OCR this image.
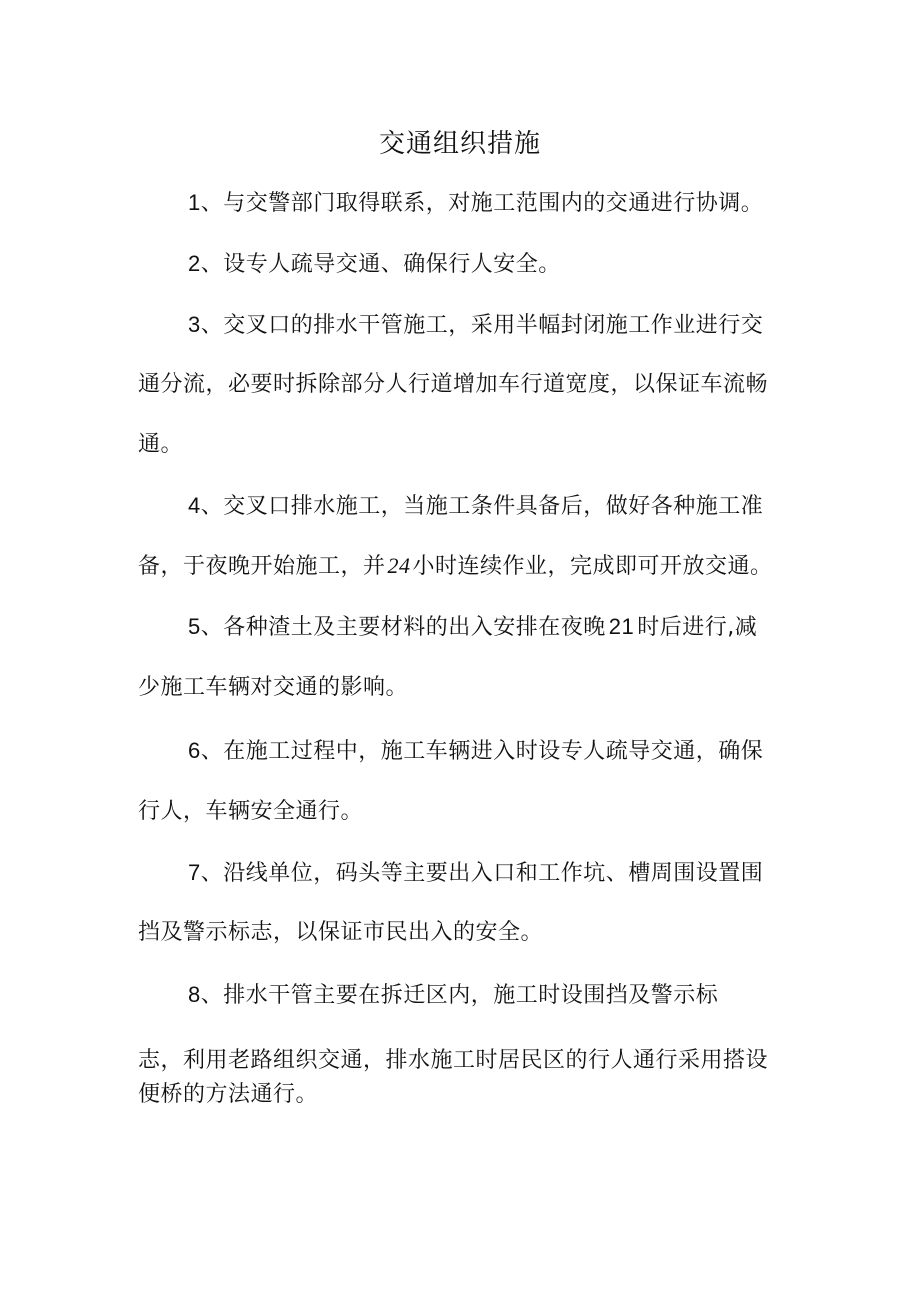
交通组织措施
1、与交警部门取得联系，对施工范围内的交通进行协调。
2、设专人疏导交通、确保行人安全。
3、交叉口的排水干管施工，采用半幅封闭施工作业进行交
通分流，必要时拆除部分人行道增加车行道宽度，以保证车流畅
通。
4、交叉口排水施工，当施工条件具备后，做好各种施工准
备，于夜晚开始施工，并24小时连续作业，完成即可开放交通。
5、各种渣土及主要材料的出入安排在夜晚 21 时后进行,减
少施工车辆对交通的影响。
6、在施工过程中，施工车辆进入时设专人疏导交通，确保
行人，车辆安全通行。
7、沿线单位，码头等主要出入口和工作坑、槽周围设置围
挡及警示标志，以保证市民出入的安全。
8、排水干管主要在拆迁区内，施工时设围挡及警示标
志，利用老路组织交通，排水施工时居民区的行人通行采用搭设
便桥的方法通行。
